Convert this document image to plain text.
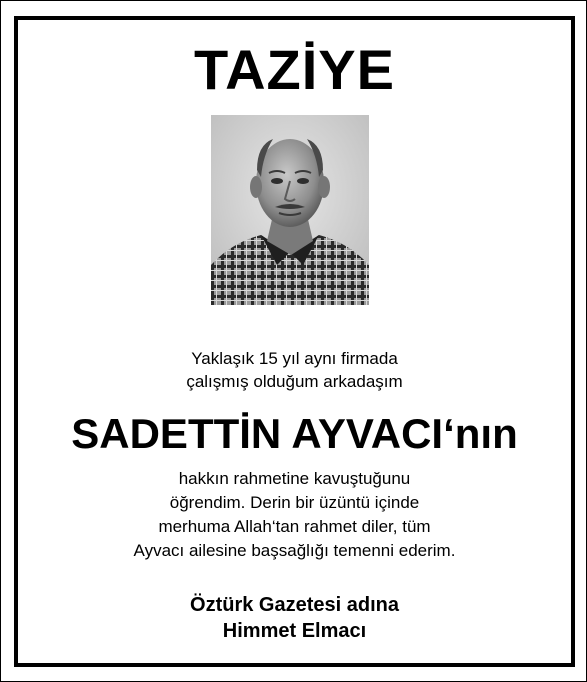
TAZİYE
Yaklaşık 15 yıl aynı firmada
çalışmış olduğum arkadaşım
SADETTİN AYVACI‘nın
hakkın rahmetine kavuştuğunu
öğrendim. Derin bir üzüntü içinde
merhuma Allah‘tan rahmet diler, tüm
Ayvacı ailesine başsağlığı temenni ederim.
Öztürk Gazetesi adına
Himmet Elmacı
